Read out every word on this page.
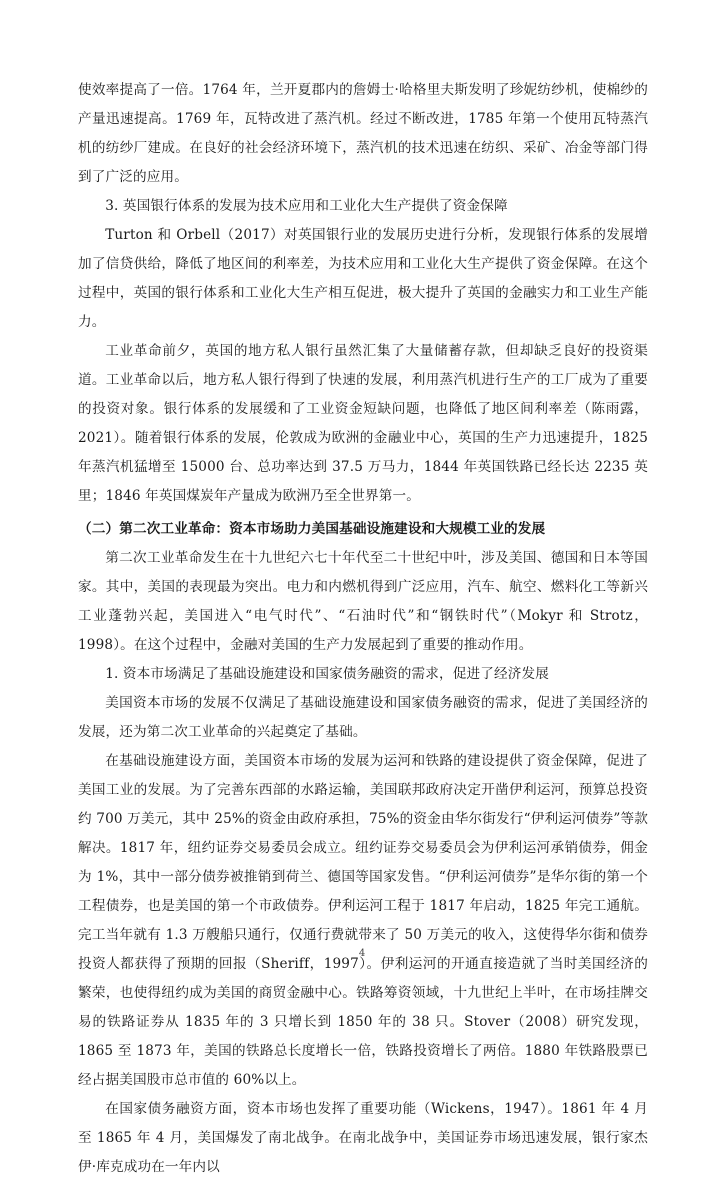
使效率提高了一倍。1764 年，兰开夏郡内的詹姆士·哈格里夫斯发明了珍妮纺纱机，使棉纱的产量迅速提高。1769 年，瓦特改进了蒸汽机。经过不断改进，1785 年第一个使用瓦特蒸汽机的纺纱厂建成。在良好的社会经济环境下，蒸汽机的技术迅速在纺织、采矿、冶金等部门得到了广泛的应用。

3. 英国银行体系的发展为技术应用和工业化大生产提供了资金保障

Turton 和 Orbell（2017）对英国银行业的发展历史进行分析，发现银行体系的发展增加了信贷供给，降低了地区间的利率差，为技术应用和工业化大生产提供了资金保障。在这个过程中，英国的银行体系和工业化大生产相互促进，极大提升了英国的金融实力和工业生产能力。

工业革命前夕，英国的地方私人银行虽然汇集了大量储蓄存款，但却缺乏良好的投资渠道。工业革命以后，地方私人银行得到了快速的发展，利用蒸汽机进行生产的工厂成为了重要的投资对象。银行体系的发展缓和了工业资金短缺问题，也降低了地区间利率差（陈雨露，2021）。随着银行体系的发展，伦敦成为欧洲的金融业中心，英国的生产力迅速提升，1825 年蒸汽机猛增至 15000 台、总功率达到 37.5 万马力，1844 年英国铁路已经长达 2235 英里；1846 年英国煤炭年产量成为欧洲乃至全世界第一。

（二）第二次工业革命：资本市场助力美国基础设施建设和大规模工业的发展

第二次工业革命发生在十九世纪六七十年代至二十世纪中叶，涉及美国、德国和日本等国家。其中，美国的表现最为突出。电力和内燃机得到广泛应用，汽车、航空、燃料化工等新兴工业蓬勃兴起，美国进入“电气时代”、“石油时代”和“钢铁时代”（Mokyr 和 Strotz，1998）。在这个过程中，金融对美国的生产力发展起到了重要的推动作用。

1. 资本市场满足了基础设施建设和国家债务融资的需求，促进了经济发展

美国资本市场的发展不仅满足了基础设施建设和国家债务融资的需求，促进了美国经济的发展，还为第二次工业革命的兴起奠定了基础。

在基础设施建设方面，美国资本市场的发展为运河和铁路的建设提供了资金保障，促进了美国工业的发展。为了完善东西部的水路运输，美国联邦政府决定开凿伊利运河，预算总投资约 700 万美元，其中 25%的资金由政府承担，75%的资金由华尔街发行“伊利运河债券”等款解决。1817 年，纽约证券交易委员会成立。纽约证券交易委员会为伊利运河承销债券，佣金为 1%，其中一部分债券被推销到荷兰、德国等国家发售。“伊利运河债券”是华尔街的第一个工程债券，也是美国的第一个市政债券。伊利运河工程于 1817 年启动，1825 年完工通航。完工当年就有 1.3 万艘船只通行，仅通行费就带来了 50 万美元的收入，这使得华尔街和债券投资人都获得了预期的回报（Sheriff，1997）。伊利运河的开通直接造就了当时美国经济的繁荣，也使得纽约成为美国的商贸金融中心。铁路筹资领域，十九世纪上半叶，在市场挂牌交易的铁路证券从 1835 年的 3 只增长到 1850 年的 38 只。Stover（2008）研究发现，1865 至 1873 年，美国的铁路总长度增长一倍，铁路投资增长了两倍。1880 年铁路股票已经占据美国股市总市值的 60%以上。

在国家债务融资方面，资本市场也发挥了重要功能（Wickens，1947）。1861 年 4 月至 1865 年 4 月，美国爆发了南北战争。在南北战争中，美国证券市场迅速发展，银行家杰伊·库克成功在一年内以

4
